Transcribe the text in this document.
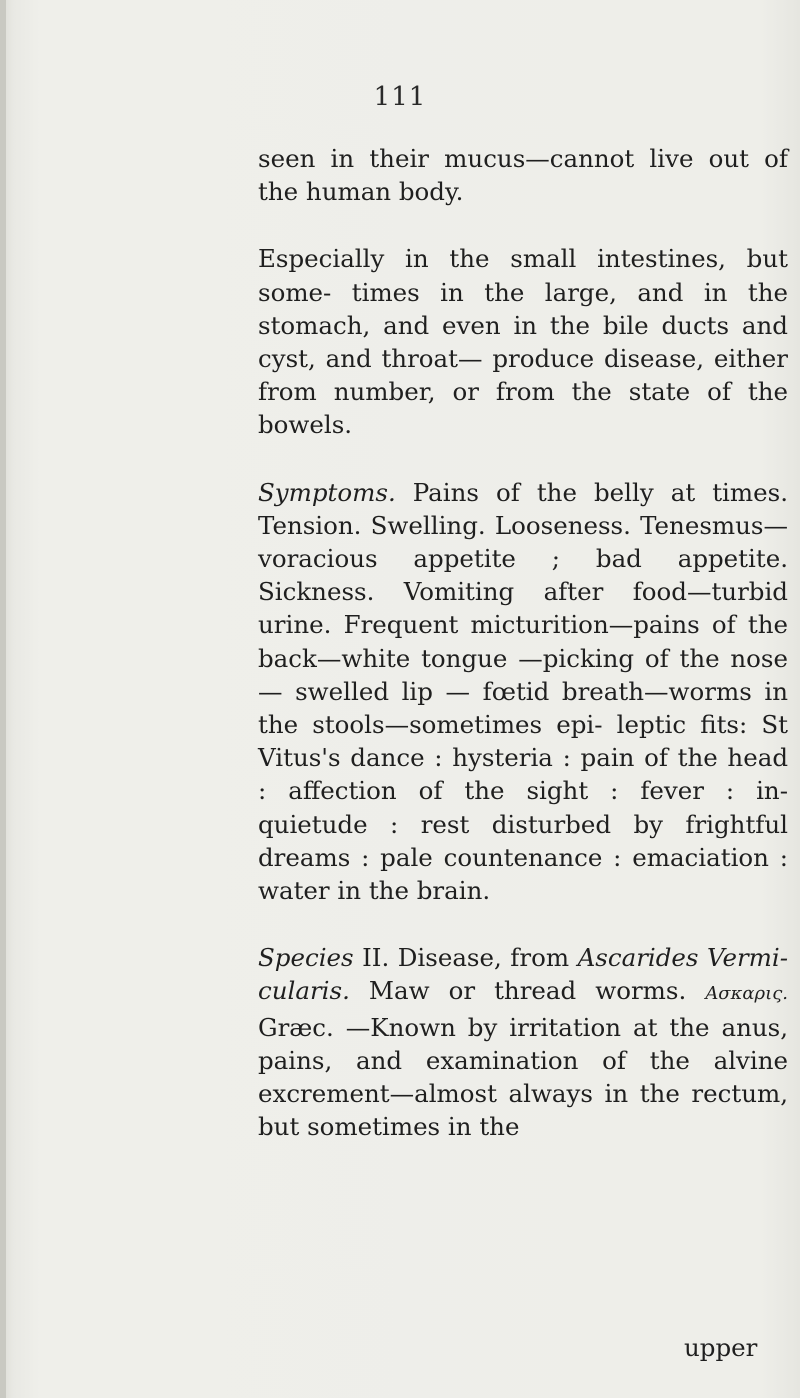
111

seen in their mucus—cannot live out of the human body.

Especially in the small intestines, but some- times in the large, and in the stomach, and even in the bile ducts and cyst, and throat— produce disease, either from number, or from the state of the bowels.

Symptoms. Pains of the belly at times. Tension. Swelling. Looseness. Tenesmus— voracious appetite ; bad appetite. Sickness. Vomiting after food—turbid urine. Frequent micturition—pains of the back—white tongue —picking of the nose — swelled lip — fœtid breath—worms in the stools—sometimes epi- leptic fits: St Vitus's dance : hysteria : pain of the head : affection of the sight : fever : in- quietude : rest disturbed by frightful dreams : pale countenance : emaciation : water in the brain.

Species II. Disease, from Ascarides Vermi- cularis. Maw or thread worms. Ασκαρις. Græc. —Known by irritation at the anus, pains, and examination of the alvine excrement—almost always in the rectum, but sometimes in the

upper
